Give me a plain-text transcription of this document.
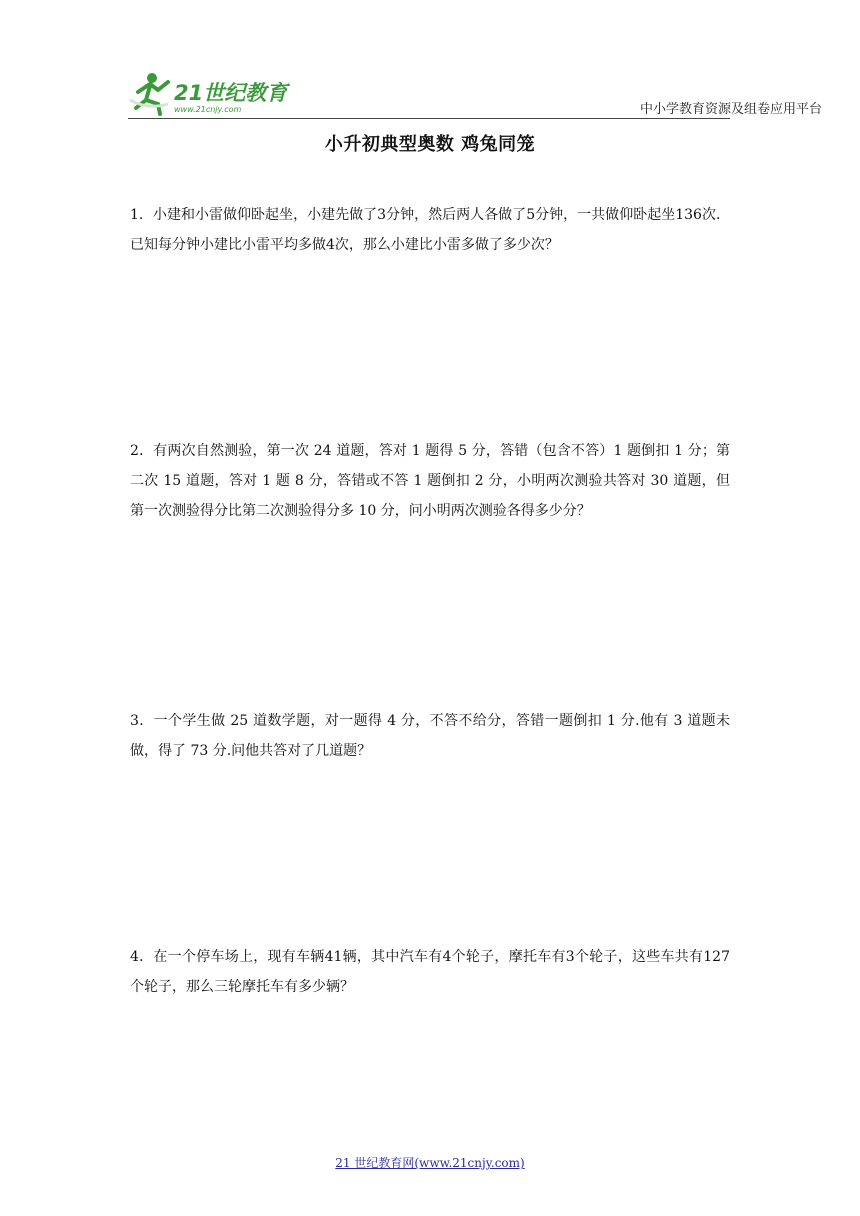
21世纪教育
www.21cnjy.com	中小学教育资源及组卷应用平台
小升初典型奥数 鸡兔同笼
1．小建和小雷做仰卧起坐，小建先做了3分钟，然后两人各做了5分钟，一共做仰卧起坐136次．已知每分钟小建比小雷平均多做4次，那么小建比小雷多做了多少次？
2．有两次自然测验，第一次 24 道题，答对 1 题得 5 分，答错（包含不答）1 题倒扣 1 分；第二次 15 道题，答对 1 题 8 分，答错或不答 1 题倒扣 2 分，小明两次测验共答对 30 道题，但第一次测验得分比第二次测验得分多 10 分，问小明两次测验各得多少分？
3．一个学生做 25 道数学题，对一题得 4 分，不答不给分，答错一题倒扣 1 分.他有 3 道题未做，得了 73 分.问他共答对了几道题？
4．在一个停车场上，现有车辆41辆，其中汽车有4个轮子，摩托车有3个轮子，这些车共有127个轮子，那么三轮摩托车有多少辆？
21 世纪教育网(www.21cnjy.com)
